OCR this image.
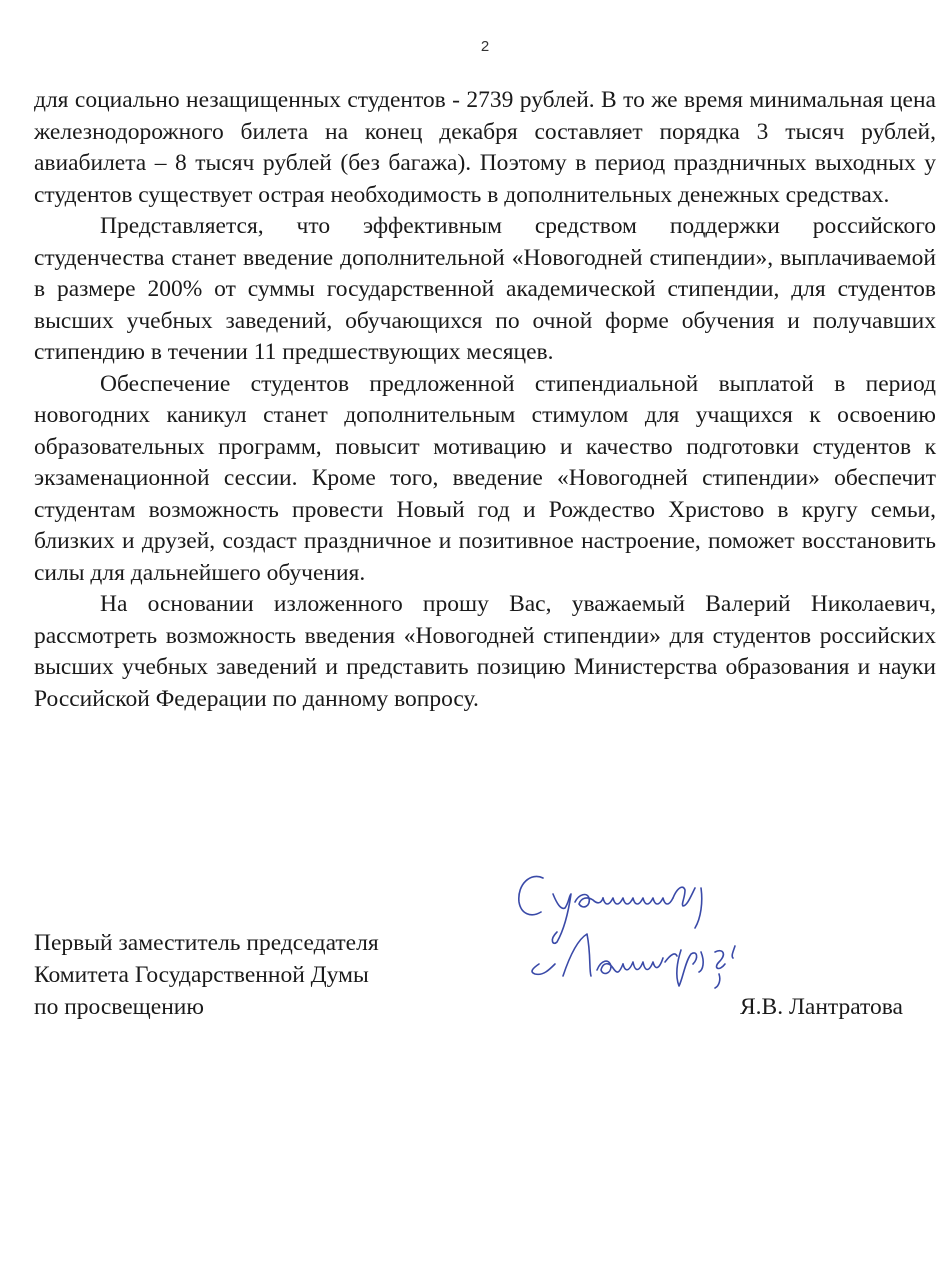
2

для социально незащищенных студентов - 2739 рублей. В то же время минимальная цена железнодорожного билета на конец декабря составляет порядка 3 тысяч рублей, авиабилета – 8 тысяч рублей (без багажа). Поэтому в период праздничных выходных у студентов существует острая необходимость в дополнительных денежных средствах.

Представляется, что эффективным средством поддержки российского студенчества станет введение дополнительной «Новогодней стипендии», выплачиваемой в размере 200% от суммы государственной академической стипендии, для студентов высших учебных заведений, обучающихся по очной форме обучения и получавших стипендию в течении 11 предшествующих месяцев.

Обеспечение студентов предложенной стипендиальной выплатой в период новогодних каникул станет дополнительным стимулом для учащихся к освоению образовательных программ, повысит мотивацию и качество подготовки студентов к экзаменационной сессии. Кроме того, введение «Новогодней стипендии» обеспечит студентам возможность провести Новый год и Рождество Христово в кругу семьи, близких и друзей, создаст праздничное и позитивное настроение, поможет восстановить силы для дальнейшего обучения.

На основании изложенного прошу Вас, уважаемый Валерий Николаевич, рассмотреть возможность введения «Новогодней стипендии» для студентов российских высших учебных заведений и представить позицию Министерства образования и науки Российской Федерации по данному вопросу.

Первый заместитель председателя
Комитета Государственной Думы
по просвещению	Я.В. Лантратова
